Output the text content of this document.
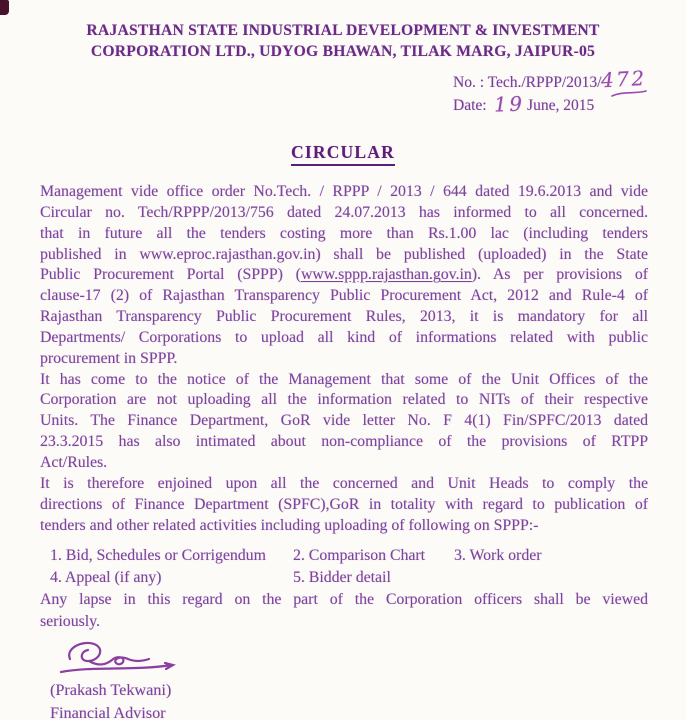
RAJASTHAN STATE INDUSTRIAL DEVELOPMENT & INVESTMENT
CORPORATION LTD., UDYOG BHAWAN, TILAK MARG, JAIPUR-05
No. : Tech./RPPP/2013/472
Date: 19 June, 2015
CIRCULAR
Management vide office order No.Tech. / RPPP / 2013 / 644 dated 19.6.2013 and vide
Circular no. Tech/RPPP/2013/756 dated 24.07.2013 has informed to all concerned.
that in future all the tenders costing more than Rs.1.00 lac (including tenders
published in www.eproc.rajasthan.gov.in) shall be published (uploaded) in the State
Public Procurement Portal (SPPP) (www.sppp.rajasthan.gov.in). As per provisions of
clause-17 (2) of Rajasthan Transparency Public Procurement Act, 2012 and Rule-4 of
Rajasthan Transparency Public Procurement Rules, 2013, it is mandatory for all
Departments/ Corporations to upload all kind of informations related with public
procurement in SPPP.
It has come to the notice of the Management that some of the Unit Offices of the
Corporation are not uploading all the information related to NITs of their respective
Units. The Finance Department, GoR vide letter No. F 4(1) Fin/SPFC/2013 dated
23.3.2015 has also intimated about non-compliance of the provisions of RTPP
Act/Rules.
It is therefore enjoined upon all the concerned and Unit Heads to comply the
directions of Finance Department (SPFC),GoR in totality with regard to publication of
tenders and other related activities including uploading of following on SPPP:-
1. Bid, Schedules or Corrigendum	2. Comparison Chart	3. Work order
4. Appeal (if any)	5. Bidder detail
Any lapse in this regard on the part of the Corporation officers shall be viewed
seriously.
(Prakash Tekwani)
Financial Advisor
